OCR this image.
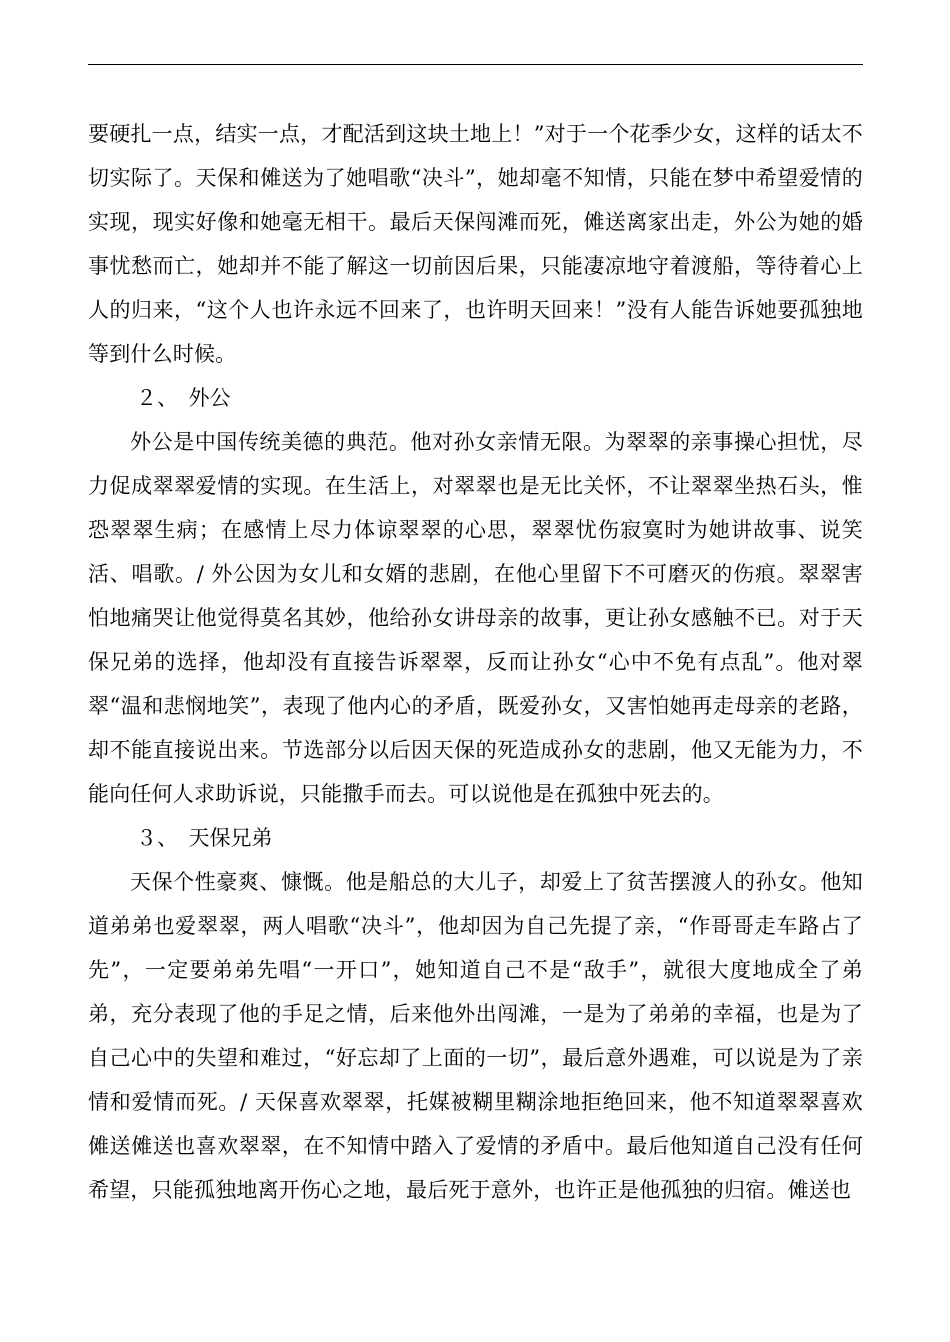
要硬扎一点，结实一点，才配活到这块土地上！”对于一个花季少女，这样的话太不切实际了。天保和傩送为了她唱歌“决斗”，她却毫不知情，只能在梦中希望爱情的实现，现实好像和她毫无相干。最后天保闯滩而死，傩送离家出走，外公为她的婚事忧愁而亡，她却并不能了解这一切前因后果，只能凄凉地守着渡船，等待着心上人的归来，“这个人也许永远不回来了，也许明天回来！”没有人能告诉她要孤独地等到什么时候。

２、　外公

外公是中国传统美德的典范。他对孙女亲情无限。为翠翠的亲事操心担忧，尽力促成翠翠爱情的实现。在生活上，对翠翠也是无比关怀，不让翠翠坐热石头，惟恐翠翠生病；在感情上尽力体谅翠翠的心思，翠翠忧伤寂寞时为她讲故事、说笑活、唱歌。/ 外公因为女儿和女婿的悲剧，在他心里留下不可磨灭的伤痕。翠翠害怕地痛哭让他觉得莫名其妙，他给孙女讲母亲的故事，更让孙女感触不已。对于天保兄弟的选择，他却没有直接告诉翠翠，反而让孙女“心中不免有点乱”。他对翠翠“温和悲悯地笑”，表现了他内心的矛盾，既爱孙女，又害怕她再走母亲的老路，却不能直接说出来。节选部分以后因天保的死造成孙女的悲剧，他又无能为力，不能向任何人求助诉说，只能撒手而去。可以说他是在孤独中死去的。

３、　天保兄弟

天保个性豪爽、慷慨。他是船总的大儿子，却爱上了贫苦摆渡人的孙女。他知道弟弟也爱翠翠，两人唱歌“决斗”，他却因为自己先提了亲，“作哥哥走车路占了先”，一定要弟弟先唱“一开口”，她知道自己不是“敌手”，就很大度地成全了弟弟，充分表现了他的手足之情，后来他外出闯滩，一是为了弟弟的幸福，也是为了自己心中的失望和难过，“好忘却了上面的一切”，最后意外遇难，可以说是为了亲情和爱情而死。/ 天保喜欢翠翠，托媒被糊里糊涂地拒绝回来，他不知道翠翠喜欢傩送傩送也喜欢翠翠，在不知情中踏入了爱情的矛盾中。最后他知道自己没有任何希望，只能孤独地离开伤心之地，最后死于意外，也许正是他孤独的归宿。傩送也
